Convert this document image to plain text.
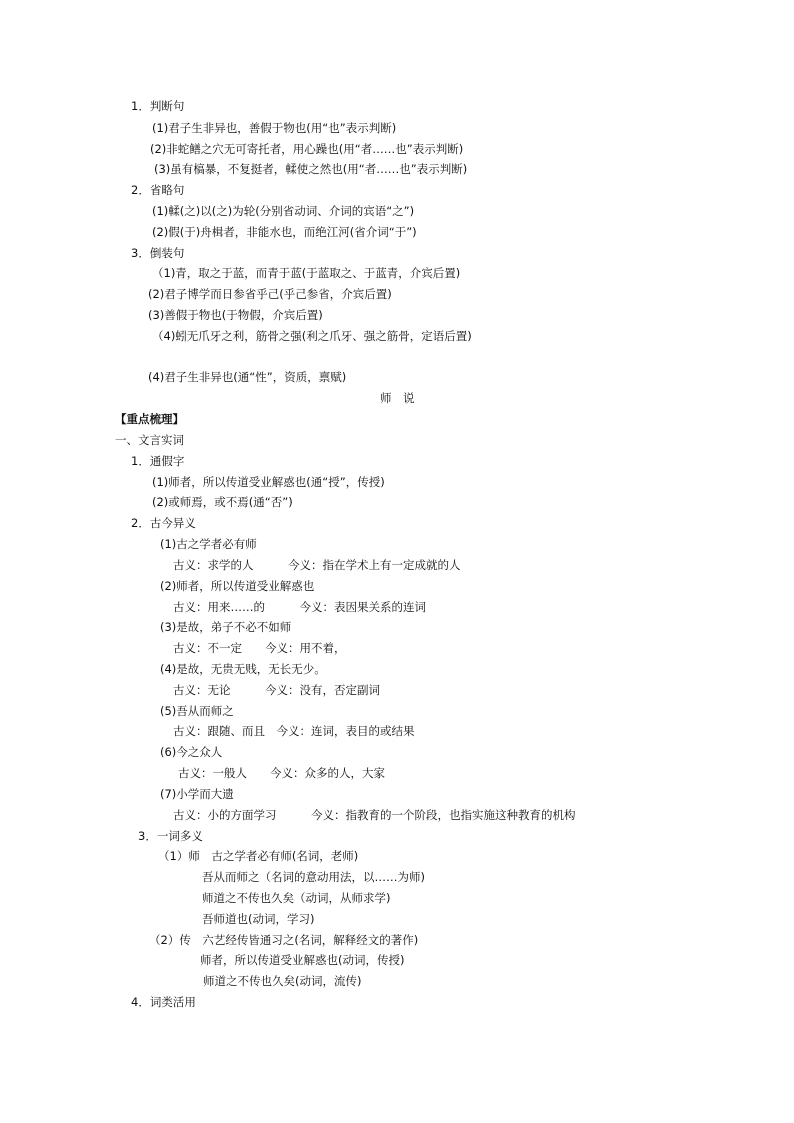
1．判断句
(1)君子生非异也，善假于物也(用“也”表示判断)
(2)非蛇鳝之穴无可寄托者，用心躁也(用“者……也”表示判断)
(3)虽有槁暴，不复挺者，輮使之然也(用“者……也”表示判断)
2．省略句
(1)輮(之)以(之)为轮(分别省动词、介词的宾语“之”)
(2)假(于)舟楫者，非能水也，而绝江河(省介词“于”)
3．倒装句
（1)青，取之于蓝，而青于蓝(于蓝取之、于蓝青，介宾后置)
(2)君子博学而日参省乎己(乎己参省，介宾后置)
(3)善假于物也(于物假，介宾后置)
（4)蚓无爪牙之利，筋骨之强(利之爪牙、强之筋骨，定语后置)
(4)君子生非异也(通“性”，资质，禀赋)
师　说
【重点梳理】
一、文言实词
1．通假字
(1)师者，所以传道受业解惑也(通“授”，传授)
(2)或师焉，或不焉(通“否”)
2．古今异义
(1)古之学者必有师
古义：求学的人　　　今义：指在学术上有一定成就的人
(2)师者，所以传道受业解惑也
古义：用来……的　　　今义：表因果关系的连词
(3)是故，弟子不必不如师
古义：不一定　　今义：用不着，
(4)是故，无贵无贱，无长无少。
古义：无论　　　今义：没有，否定副词
(5)吾从而师之
古义：跟随、而且　今义：连词，表目的或结果
(6)今之众人
古义：一般人　　今义：众多的人，大家
(7)小学而大遗
古义：小的方面学习　　　今义：指教育的一个阶段，也指实施这种教育的机构
3．一词多义
（1）师　古之学者必有师(名词，老师)
吾从而师之（名词的意动用法，以……为师)
师道之不传也久矣（动词，从师求学)
吾师道也(动词，学习)
（2）传　六艺经传皆通习之(名词，解释经文的著作)
师者，所以传道受业解惑也(动词，传授)
师道之不传也久矣(动词，流传)
4．词类活用
